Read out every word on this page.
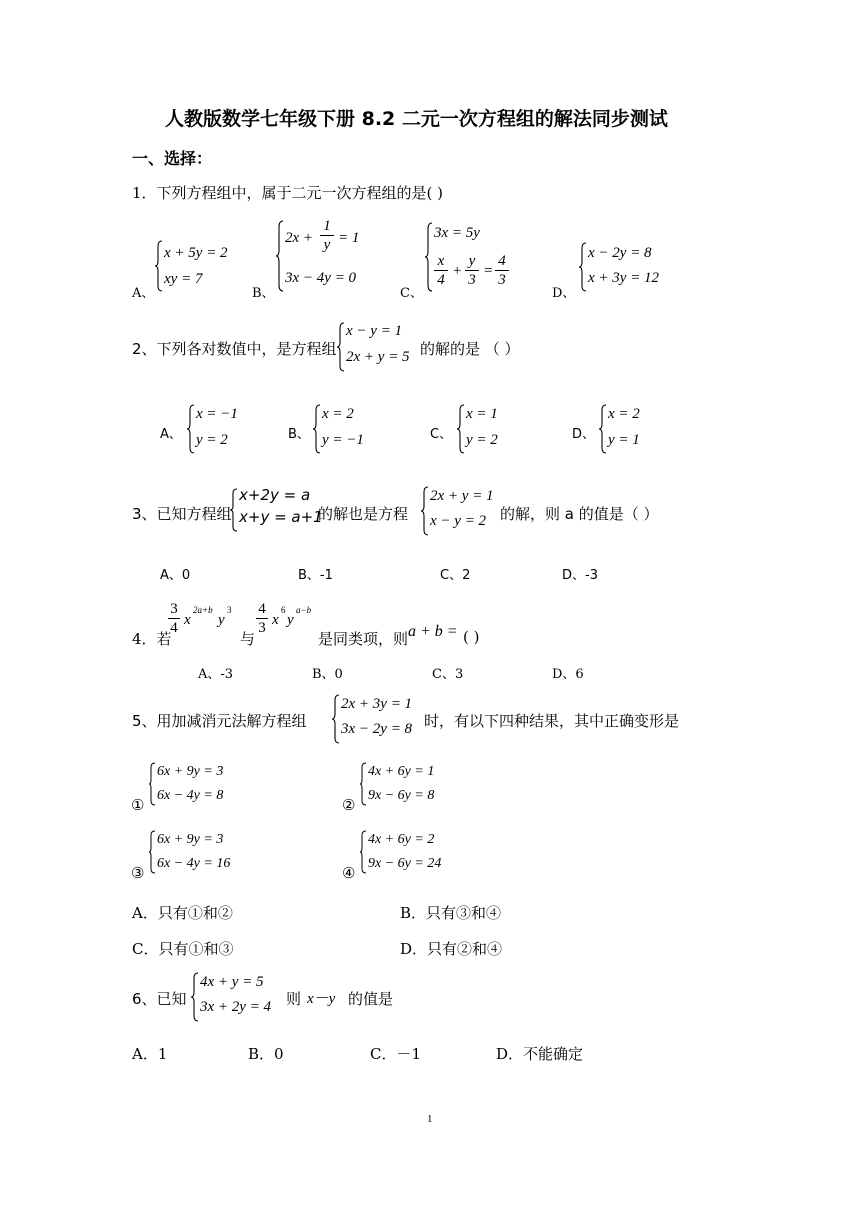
人教版数学七年级下册 8.2 二元一次方程组的解法同步测试
一、选择：
1．下列方程组中，属于二元一次方程组的是( )
A、
x + 5y = 2
xy = 7
B、
2x +
1
y = 1
3x − 4y = 0
C、
3x = 5y
x
4
+
y
3
=
4
3
D、
x − 2y = 8
x + 3y = 12
2、下列各对数值中，是方程组
x − y = 1
2x + y = 5 的解的是 （ ）
A、
x = −1
y = 2	B、
x = 2
y = −1	C、
x = 1
y = 2	D、
x = 2
y = 1
3、已知方程组
x+2y = a
x+y = a+1
的解也是方程
2x + y = 1
x − y = 2 的解，则 a 的值是（ ）
A、0	B、-1	C、2	D、-3
4．若
3
4 x
2a+b
y
3
与
4
3 x
6
y
a−b
是同类项，则 a + b = ( )
A、-3	B、0	C、3	D、6
5、用加减消元法解方程组
2x + 3y = 1
3x − 2y = 8 时，有以下四种结果，其中正确变形是
①
6x + 9y = 3
6x − 4y = 8
②
4x + 6y = 1
9x − 6y = 8
③
6x + 9y = 3
6x − 4y = 16
④
4x + 6y = 2
9x − 6y = 24
A．只有①和②	B．只有③和④
C．只有①和③	D．只有②和④
6、已知
4x + y = 5
3x + 2y = 4 则 x－y 的值是
A．1	B．0	C．－1	D．不能确定
1
